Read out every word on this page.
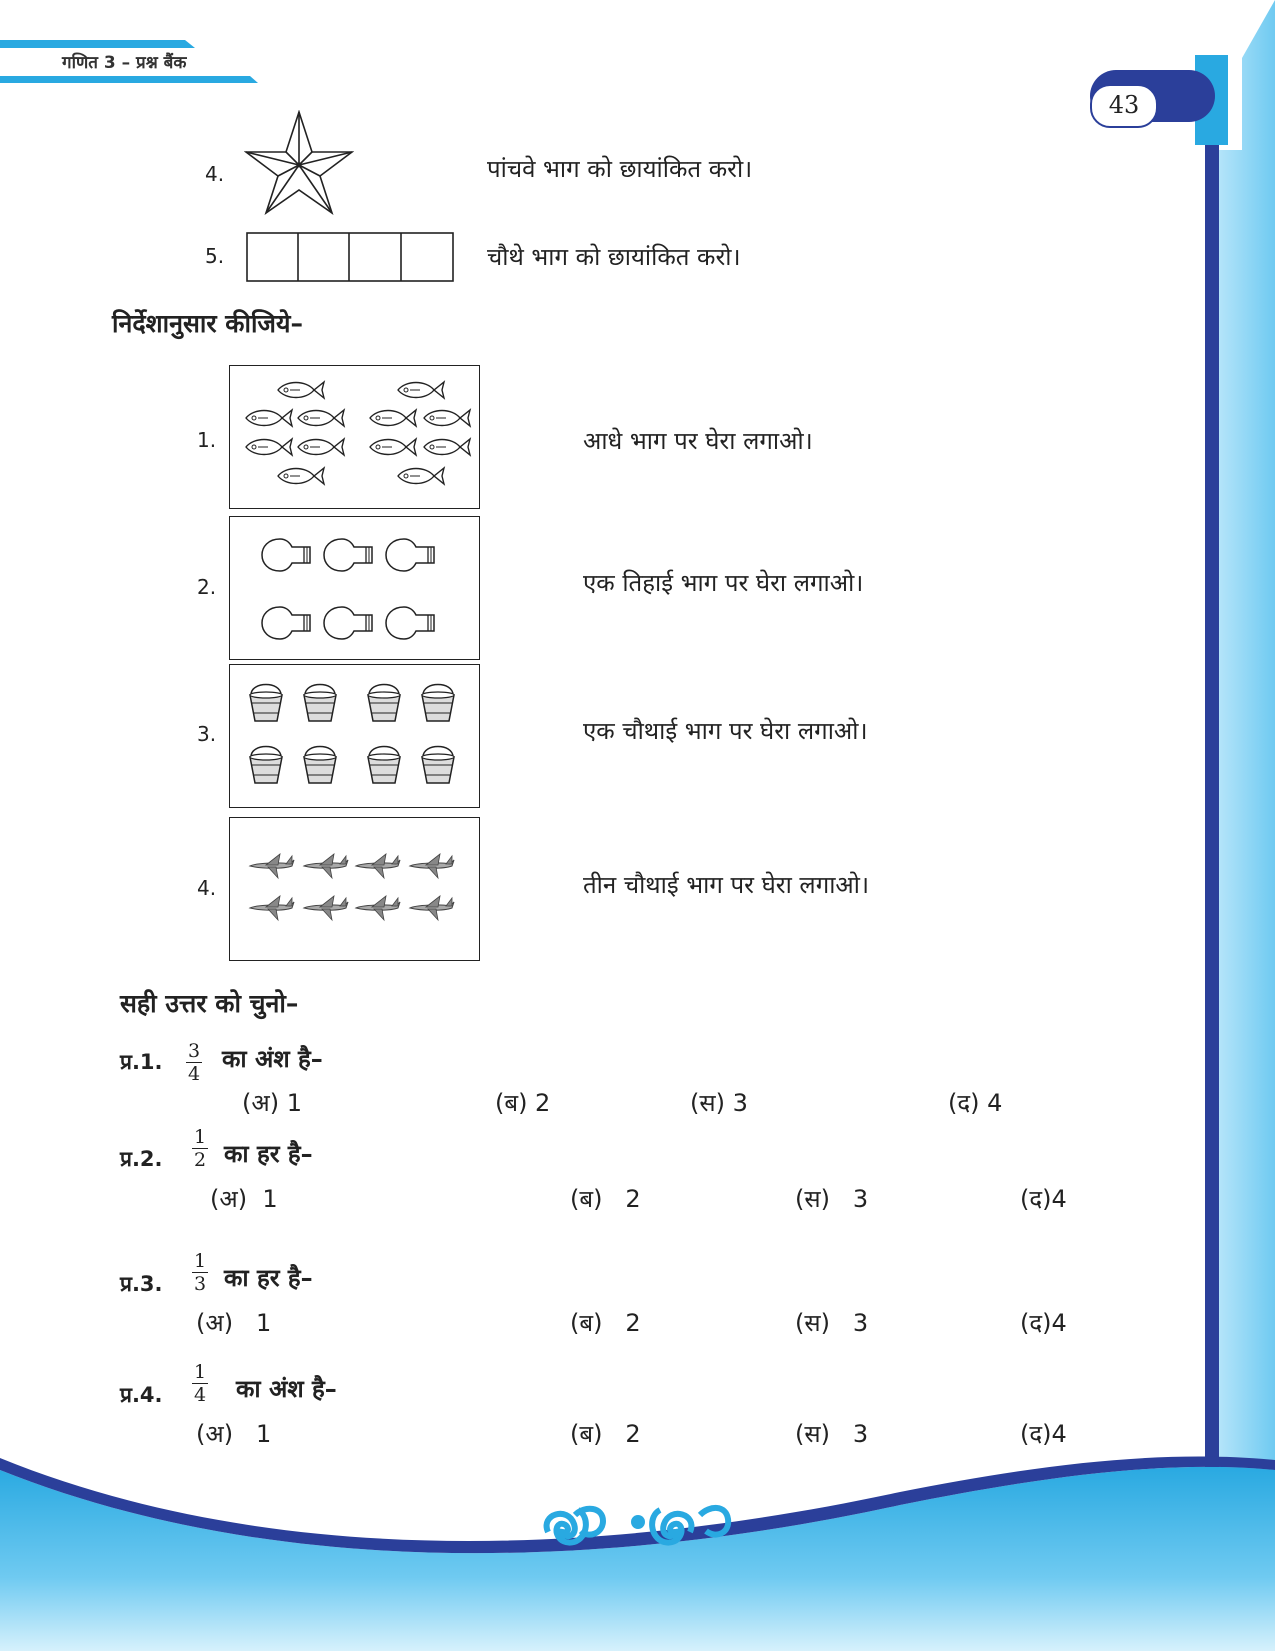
गणित 3 – प्रश्न बैंक
43
4.	पांचवे भाग को छायांकित करो।
5.	चौथे भाग को छायांकित करो।
निर्देशानुसार कीजिये–
1.	आधे भाग पर घेरा लगाओ।
2.	एक तिहाई भाग पर घेरा लगाओ।
3.	एक चौथाई भाग पर घेरा लगाओ।
4.	तीन चौथाई भाग पर घेरा लगाओ।
सही उत्तर को चुनो–
प्र.1. $\frac{3}{4}$ का अंश है–
(अ) 1	(ब) 2	(स) 3	(द) 4
प्र.2. $\frac{1}{2}$ का हर है–
(अ)  1	(ब)   2	(स)   3	(द)4
प्र.3. $\frac{1}{3}$ का हर है–
(अ)   1	(ब)   2	(स)   3	(द)4
प्र.4. $\frac{1}{4}$ का अंश है–
(अ)   1	(ब)   2	(स)   3	(द)4
